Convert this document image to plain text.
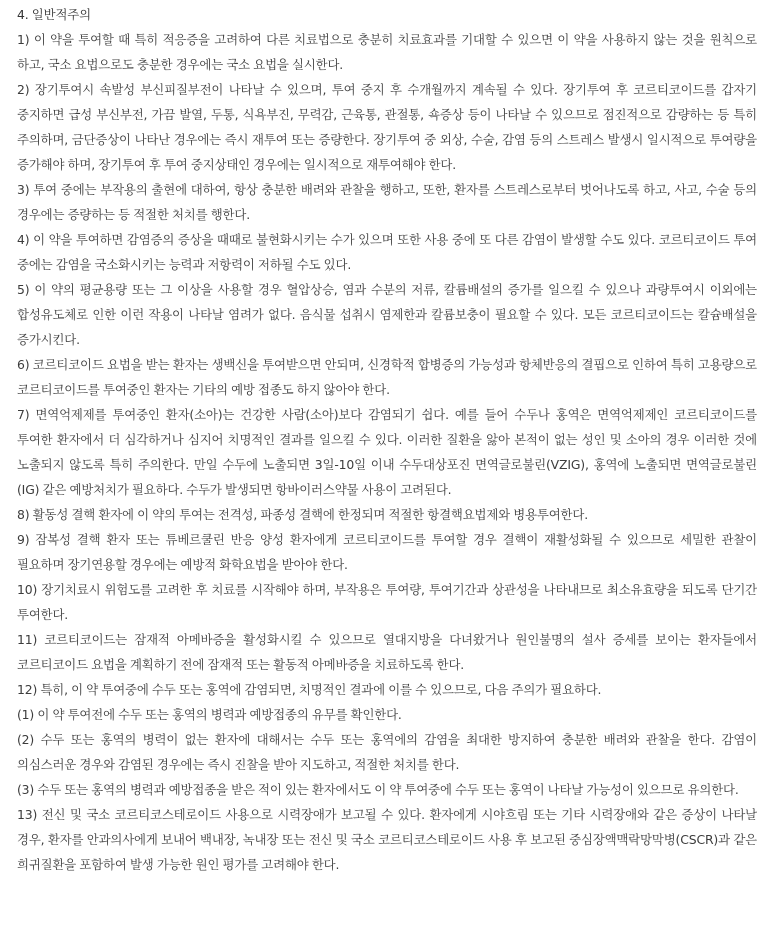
4. 일반적주의

1) 이 약을 투여할 때 특히 적응증을 고려하여 다른 치료법으로 충분히 치료효과를 기대할 수 있으면 이 약을 사용하지 않는 것을 원칙으로 하고, 국소 요법으로도 충분한 경우에는 국소 요법을 실시한다.

2) 장기투여시 속발성 부신피질부전이 나타날 수 있으며, 투여 중지 후 수개월까지 계속될 수 있다. 장기투여 후 코르티코이드를 갑자기 중지하면 급성 부신부전, 가끔 발열, 두통, 식욕부진, 무력감, 근육통, 관절통, 쇽증상 등이 나타날 수 있으므로 점진적으로 감량하는 등 특히 주의하며, 금단증상이 나타난 경우에는 즉시 재투여 또는 증량한다. 장기투여 중 외상, 수술, 감염 등의 스트레스 발생시 일시적으로 투여량을 증가해야 하며, 장기투여 후 투여 중지상태인 경우에는 일시적으로 재투여해야 한다.

3) 투여 중에는 부작용의 출현에 대하여, 항상 충분한 배려와 관찰을 행하고, 또한, 환자를 스트레스로부터 벗어나도록 하고, 사고, 수술 등의 경우에는 증량하는 등 적절한 처치를 행한다.

4) 이 약을 투여하면 감염증의 증상을 때때로 불현화시키는 수가 있으며 또한 사용 중에 또 다른 감염이 발생할 수도 있다. 코르티코이드 투여 중에는 감염을 국소화시키는 능력과 저항력이 저하될 수도 있다.

5) 이 약의 평균용량 또는 그 이상을 사용할 경우 혈압상승, 염과 수분의 저류, 칼륨배설의 증가를 일으킬 수 있으나 과량투여시 이외에는 합성유도체로 인한 이런 작용이 나타날 염려가 없다. 음식물 섭취시 염제한과 칼륨보충이 필요할 수 있다. 모든 코르티코이드는 칼슘배설을 증가시킨다.

6) 코르티코이드 요법을 받는 환자는 생백신을 투여받으면 안되며, 신경학적 합병증의 가능성과 항체반응의 결핍으로 인하여 특히 고용량으로 코르티코이드를 투여중인 환자는 기타의 예방 접종도 하지 않아야 한다.

7) 면역억제제를 투여중인 환자(소아)는 건강한 사람(소아)보다 감염되기 쉽다. 예를 들어 수두나 홍역은 면역억제제인 코르티코이드를 투여한 환자에서 더 심각하거나 심지어 치명적인 결과를 일으킬 수 있다. 이러한 질환을 앓아 본적이 없는 성인 및 소아의 경우 이러한 것에 노출되지 않도록 특히 주의한다. 만일 수두에 노출되면 3일-10일 이내 수두대상포진 면역글로불린(VZIG), 홍역에 노출되면 면역글로불린(IG) 같은 예방처치가 필요하다. 수두가 발생되면 항바이러스약물 사용이 고려된다.

8) 활동성 결핵 환자에 이 약의 투여는 전격성, 파종성 결핵에 한정되며 적절한 항결핵요법제와 병용투여한다.

9) 잠복성 결핵 환자 또는 튜베르쿨린 반응 양성 환자에게 코르티코이드를 투여할 경우 결핵이 재활성화될 수 있으므로 세밀한 관찰이 필요하며 장기연용할 경우에는 예방적 화학요법을 받아야 한다.

10) 장기치료시 위험도를 고려한 후 치료를 시작해야 하며, 부작용은 투여량, 투여기간과 상관성을 나타내므로 최소유효량을 되도록 단기간 투여한다.

11) 코르티코이드는 잠재적 아메바증을 활성화시킬 수 있으므로 열대지방을 다녀왔거나 원인불명의 설사 증세를 보이는 환자들에서 코르티코이드 요법을 계획하기 전에 잠재적 또는 활동적 아메바증을 치료하도록 한다.

12) 특히, 이 약 투여중에 수두 또는 홍역에 감염되면, 치명적인 결과에 이를 수 있으므로, 다음 주의가 필요하다.

(1) 이 약 투여전에 수두 또는 홍역의 병력과 예방접종의 유무를 확인한다.

(2) 수두 또는 홍역의 병력이 없는 환자에 대해서는 수두 또는 홍역에의 감염을 최대한 방지하여 충분한 배려와 관찰을 한다. 감염이 의심스러운 경우와 감염된 경우에는 즉시 진찰을 받아 지도하고, 적절한 처치를 한다.

(3) 수두 또는 홍역의 병력과 예방접종을 받은 적이 있는 환자에서도 이 약 투여중에 수두 또는 홍역이 나타날 가능성이 있으므로 유의한다.

13) 전신 및 국소 코르티코스테로이드 사용으로 시력장애가 보고될 수 있다. 환자에게 시야흐림 또는 기타 시력장애와 같은 증상이 나타날 경우, 환자를 안과의사에게 보내어 백내장, 녹내장 또는 전신 및 국소 코르티코스테로이드 사용 후 보고된 중심장액맥락망막병(CSCR)과 같은 희귀질환을 포함하여 발생 가능한 원인 평가를 고려해야 한다.
